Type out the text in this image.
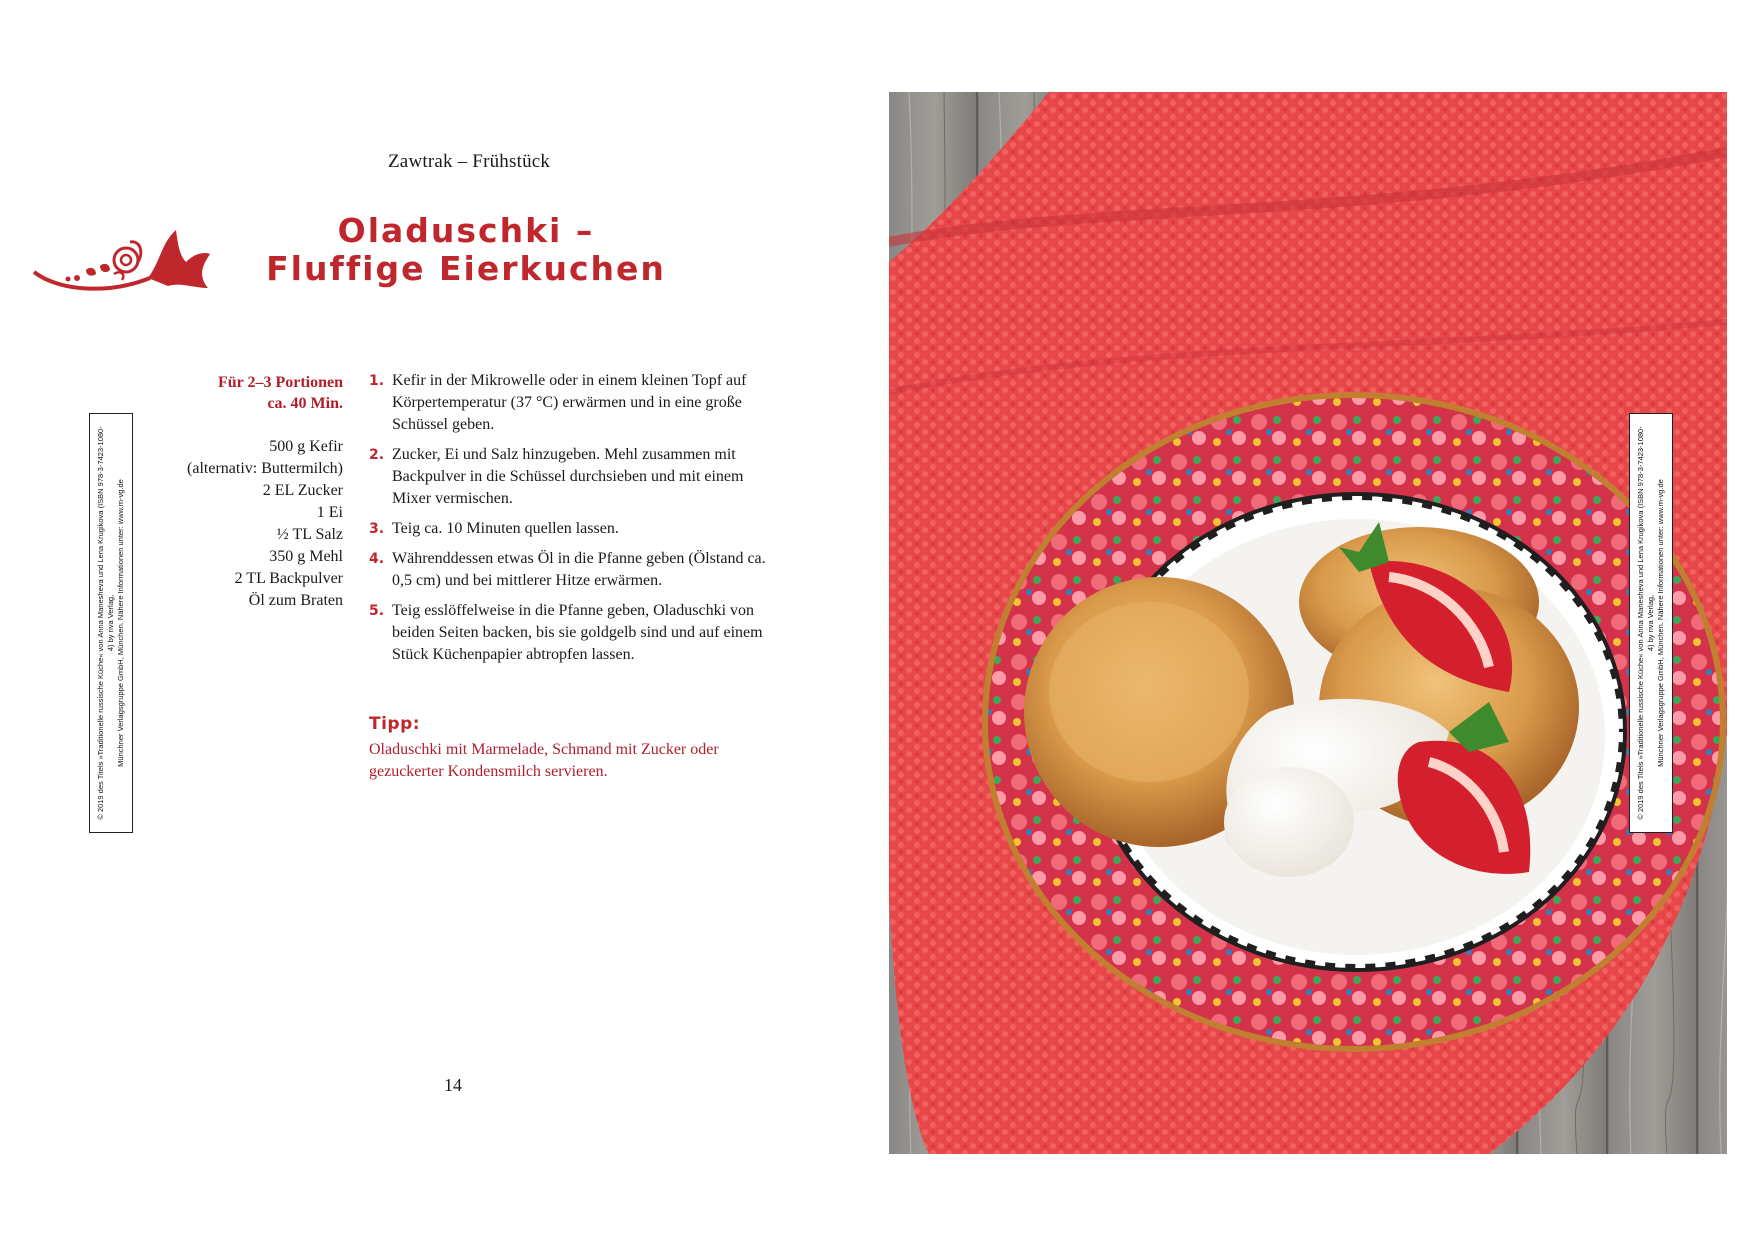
Zawtrak – Frühstück
Oladuschki –
Fluffige Eierkuchen
Für 2–3 Portionen
ca. 40 Min.
500 g Kefir
(alternativ: Buttermilch)
2 EL Zucker
1 Ei
½ TL Salz
350 g Mehl
2 TL Backpulver
Öl zum Braten
1. Kefir in der Mikrowelle oder in einem kleinen Topf auf Körpertemperatur (37 °C) erwärmen und in eine große Schüssel geben.
2. Zucker, Ei und Salz hinzugeben. Mehl zusammen mit Backpulver in die Schüssel durchsieben und mit einem Mixer vermischen.
3. Teig ca. 10 Minuten quellen lassen.
4. Währenddessen etwas Öl in die Pfanne geben (Ölstand ca. 0,5 cm) und bei mittlerer Hitze erwärmen.
5. Teig esslöffelweise in die Pfanne geben, Oladuschki von beiden Seiten backen, bis sie goldgelb sind und auf einem Stück Küchenpapier abtropfen lassen.
Tipp:
Oladuschki mit Marmelade, Schmand mit Zucker oder gezuckerter Kondensmilch servieren.
14
© 2019 des Titels »Traditionelle russische Küche« von Anna Manesheva und Lena Krugikova (ISBN 978-3-7423-1080-4) by riva Verlag, Münchner Verlagsgruppe GmbH, München. Nähere Informationen unter: www.m-vg.de	© 2019 des Titels »Traditionelle russische Küche« von Anna Manesheva und Lena Krugikova (ISBN 978-3-7423-1080-4) by riva Verlag, Münchner Verlagsgruppe GmbH, München. Nähere Informationen unter: www.m-vg.de
